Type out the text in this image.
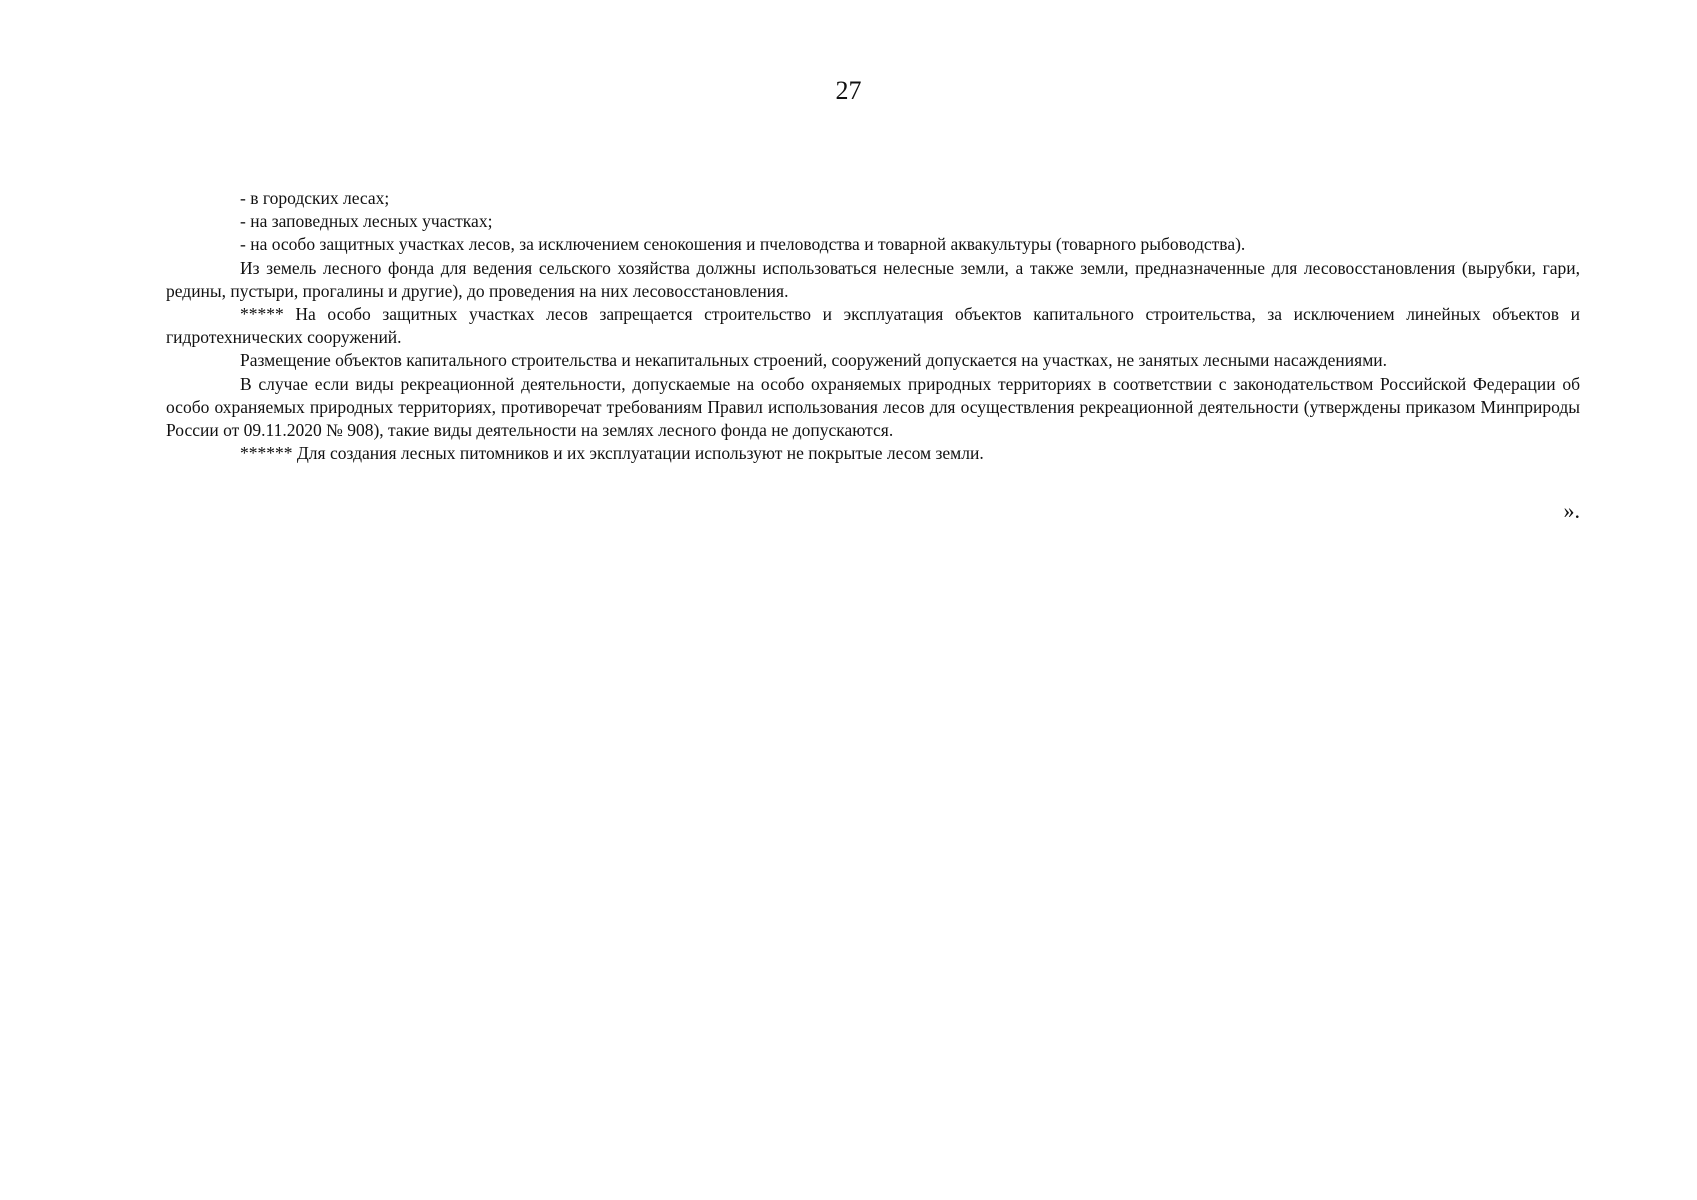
27
- в городских лесах;
- на заповедных лесных участках;
- на особо защитных участках лесов, за исключением сенокошения и пчеловодства и товарной аквакультуры (товарного рыбоводства).

Из земель лесного фонда для ведения сельского хозяйства должны использоваться нелесные земли, а также земли, предназначенные для лесовосстановления (вырубки, гари, редины, пустыри, прогалины и другие), до проведения на них лесовосстановления.

***** На особо защитных участках лесов запрещается строительство и эксплуатация объектов капитального строительства, за исключением линейных объектов и гидротехнических сооружений.

Размещение объектов капитального строительства и некапитальных строений, сооружений допускается на участках, не занятых лесными насаждениями.

В случае если виды рекреационной деятельности, допускаемые на особо охраняемых природных территориях в соответствии с законодательством Российской Федерации об особо охраняемых природных территориях, противоречат требованиям Правил использования лесов для осуществления рекреационной деятельности (утверждены приказом Минприроды России от 09.11.2020 № 908), такие виды деятельности на землях лесного фонда не допускаются.

****** Для создания лесных питомников и их эксплуатации используют не покрытые лесом земли.

».
